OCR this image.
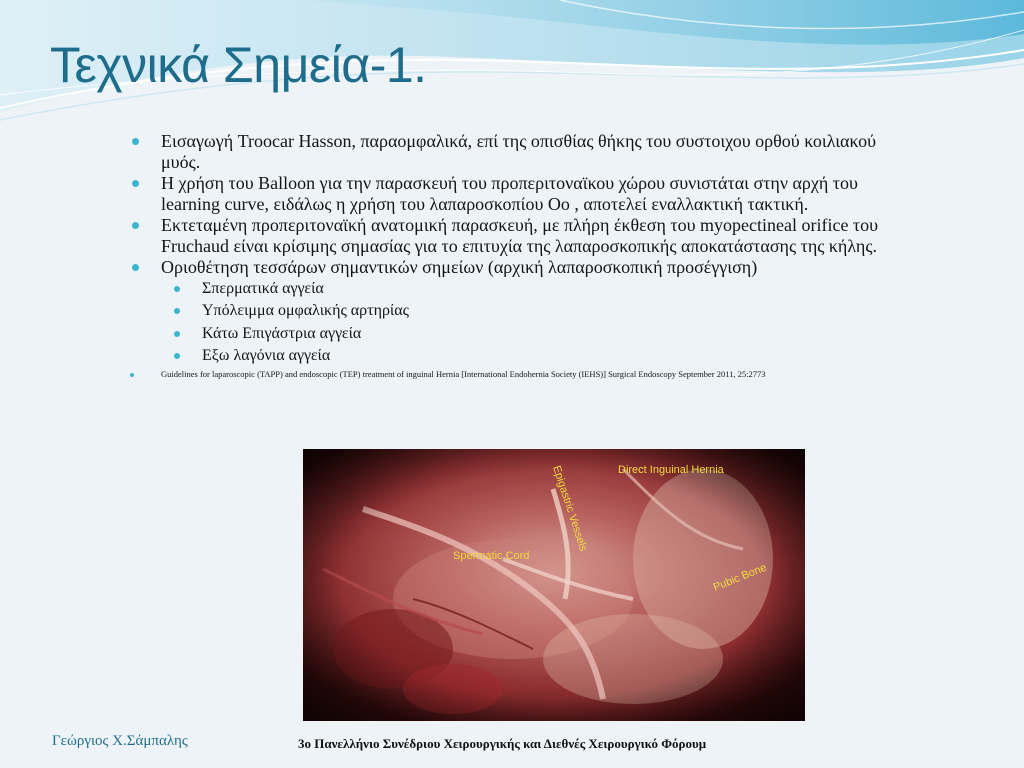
Τεχνικά Σημεία-1.
Εισαγωγή Troocar Hasson, παραομφαλικά, επί της οπισθίας θήκης του συστοιχου ορθού κοιλιακού μυός.
Η χρήση του Balloon για την παρασκευή του προπεριτοναϊκου χώρου συνιστάται στην αρχή του learning curve, ειδάλως η χρήση του λαπαροσκοπίου Oo , αποτελεί εναλλακτική τακτική.
Εκτεταμένη προπεριτοναϊκή ανατομική παρασκευή, με πλήρη έκθεση του myopectineal orifice του Fruchaud είναι κρίσιμης σημασίας για το επιτυχία της λαπαροσκοπικής αποκατάστασης της κήλης.
Οριοθέτηση τεσσάρων σημαντικών σημείων (αρχική λαπαροσκοπική προσέγγιση)
Σπερματικά αγγεία
Υπόλειμμα ομφαλικής αρτηρίας
Κάτω Επιγάστρια αγγεία
Εξω λαγόνια αγγεία
Guidelines for laparoscopic (TAPP) and endoscopic (TEP) treatment of inguinal Hernia [International Endohernia Society (IEHS)] Surgical Endoscopy September 2011, 25:2773
Epigastric Vessels	Direct Inguinal Hernia
Spermatic Cord
Pubic Bone
Γεώργιος Χ.Σάμπαλης	3ο Πανελλήνιο Συνέδριου Χειρουργικής και Διεθνές Χειρουργικό Φόρουμ
